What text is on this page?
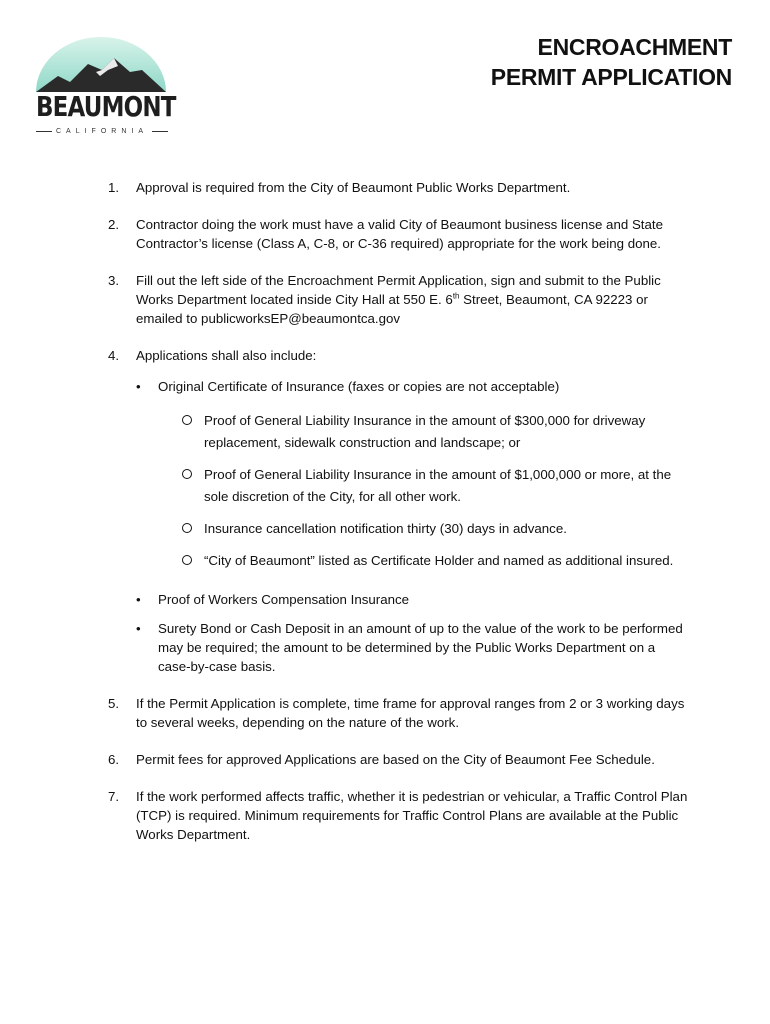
BEAUMONT
CALIFORNIA
ENCROACHMENT
PERMIT APPLICATION
1.	Approval is required from the City of Beaumont Public Works Department.
2.	Contractor doing the work must have a valid City of Beaumont business license and State Contractor’s license (Class A, C-8, or C-36 required) appropriate for the work being done.
3.	Fill out the left side of the Encroachment Permit Application, sign and submit to the Public Works Department located inside City Hall at 550 E. 6th Street, Beaumont, CA 92223 or emailed to publicworksEP@beaumontca.gov
4.	Applications shall also include:
• Original Certificate of Insurance (faxes or copies are not acceptable)
Proof of General Liability Insurance in the amount of $300,000 for driveway replacement, sidewalk construction and landscape; or
Proof of General Liability Insurance in the amount of $1,000,000 or more, at the sole discretion of the City, for all other work.
Insurance cancellation notification thirty (30) days in advance.
“City of Beaumont” listed as Certificate Holder and named as additional insured.
• Proof of Workers Compensation Insurance
• Surety Bond or Cash Deposit in an amount of up to the value of the work to be performed may be required; the amount to be determined by the Public Works Department on a case-by-case basis.
5.	If the Permit Application is complete, time frame for approval ranges from 2 or 3 working days to several weeks, depending on the nature of the work.
6.	Permit fees for approved Applications are based on the City of Beaumont Fee Schedule.
7.	If the work performed affects traffic, whether it is pedestrian or vehicular, a Traffic Control Plan (TCP) is required. Minimum requirements for Traffic Control Plans are available at the Public Works Department.
